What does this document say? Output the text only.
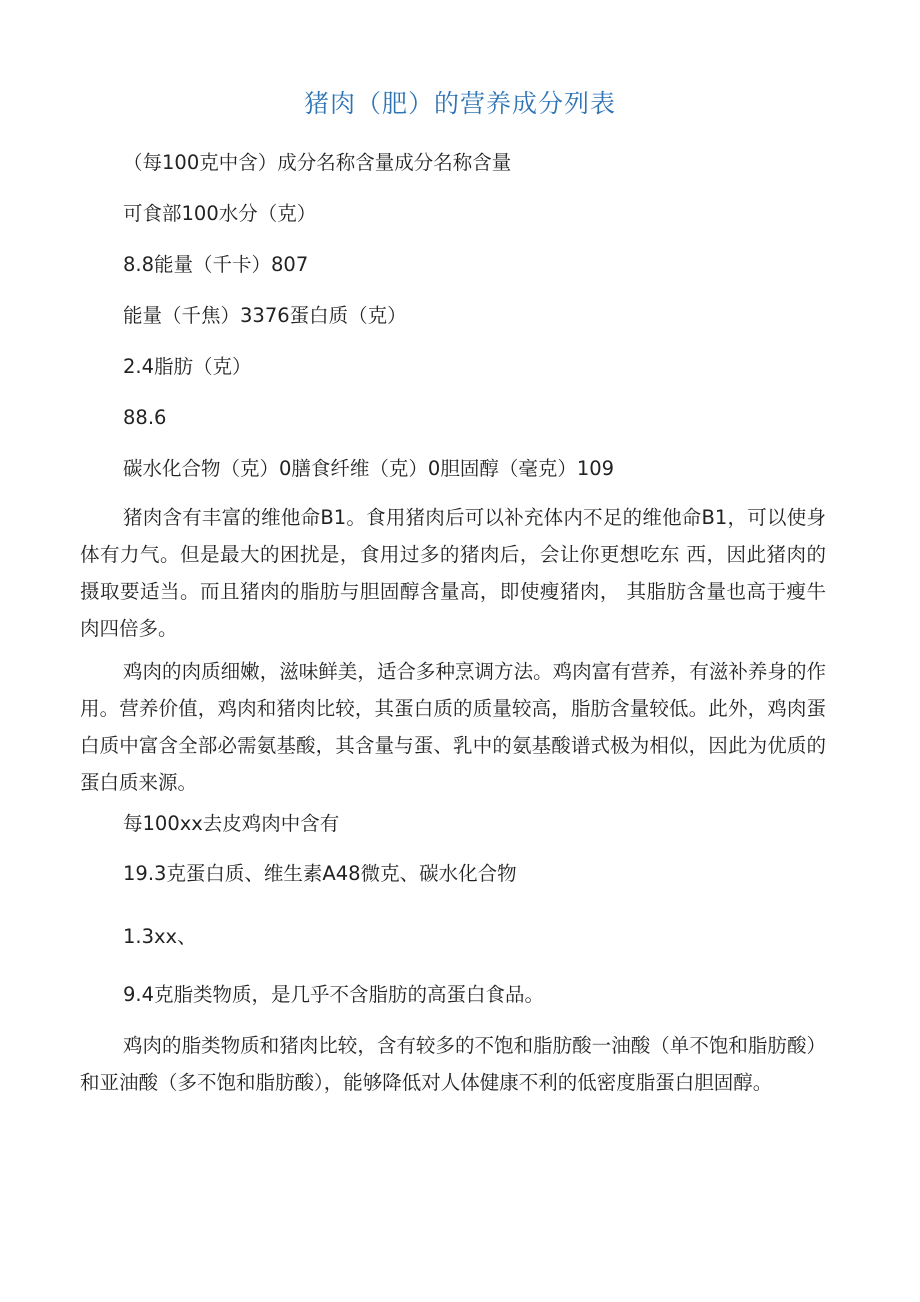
猪肉（肥）的营养成分列表
（每100克中含）成分名称含量成分名称含量
可食部100水分（克）
8.8能量（千卡）807
能量（千焦）3376蛋白质（克）
2.4脂肪（克）
88.6
碳水化合物（克）0膳食纤维（克）0胆固醇（毫克）109
猪肉含有丰富的维他命B1。食用猪肉后可以补充体内不足的维他命B1，可以使身体有力气。但是最大的困扰是，食用过多的猪肉后，会让你更想吃东 西，因此猪肉的摄取要适当。而且猪肉的脂肪与胆固醇含量高，即使瘦猪肉， 其脂肪含量也高于瘦牛肉四倍多。
鸡肉的肉质细嫩，滋味鲜美，适合多种烹调方法。鸡肉富有营养，有滋补养身的作用。营养价值，鸡肉和猪肉比较，其蛋白质的质量较高，脂肪含量较低。此外，鸡肉蛋白质中富含全部必需氨基酸，其含量与蛋、乳中的氨基酸谱式极为相似，因此为优质的蛋白质来源。
每100xx去皮鸡肉中含有
19.3克蛋白质、维生素A48微克、碳水化合物
1.3xx、
9.4克脂类物质，是几乎不含脂肪的高蛋白食品。
鸡肉的脂类物质和猪肉比较，含有较多的不饱和脂肪酸一油酸（单不饱和脂肪酸）和亚油酸（多不饱和脂肪酸），能够降低对人体健康不利的低密度脂蛋白胆固醇。
